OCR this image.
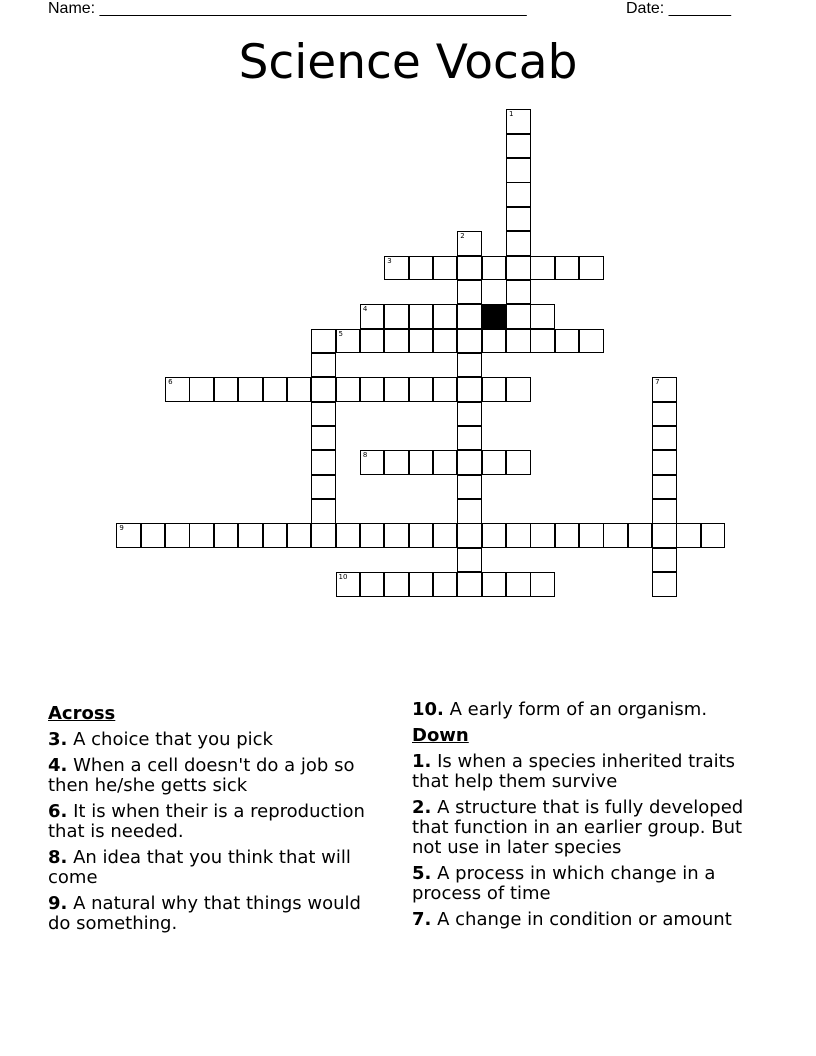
Name: ________________________________________________	Date: _______
Science Vocab
1
2
3
4
5
6	7
8
9
10
Across
3. A choice that you pick
4. When a cell doesn't do a job so then he/she getts sick
6. It is when their is a reproduction that is needed.
8. An idea that you think that will come
9. A natural why that things would do something.
10. A early form of an organism.
Down
1. Is when a species inherited traits that help them survive
2. A structure that is fully developed that function in an earlier group. But not use in later species
5. A process in which change in a process of time
7. A change in condition or amount
